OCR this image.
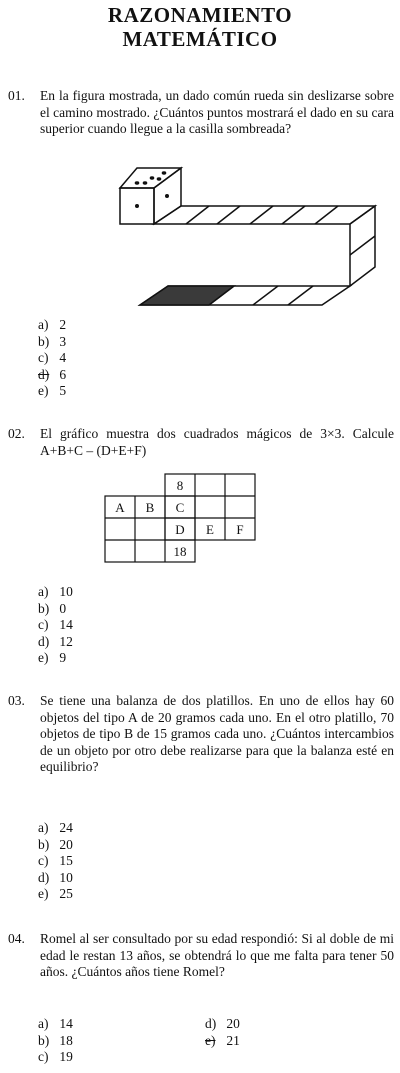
RAZONAMIENTO
MATEMÁTICO
01. En la figura mostrada, un dado común rueda sin deslizarse sobre el camino mostrado. ¿Cuántos puntos mostrará el dado en su cara superior cuando llegue a la casilla sombreada?
a) 2
b) 3
c) 4
d) 6
e) 5
02. El gráfico muestra dos cuadrados mágicos de 3×3. Calcule A+B+C – (D+E+F)
8
A B C
D E F
18
a) 10
b) 0
c) 14
d) 12
e) 9
03. Se tiene una balanza de dos platillos. En uno de ellos hay 60 objetos del tipo A de 20 gramos cada uno. En el otro platillo, 70 objetos de tipo B de 15 gramos cada uno. ¿Cuántos intercambios de un objeto por otro debe realizarse para que la balanza esté en equilibrio?
a) 24
b) 20
c) 15
d) 10
e) 25
04. Romel al ser consultado por su edad respondió: Si al doble de mi edad le restan 13 años, se obtendrá lo que me falta para tener 50 años. ¿Cuántos años tiene Romel?
a) 14
b) 18
c) 19
d) 20
e) 21
